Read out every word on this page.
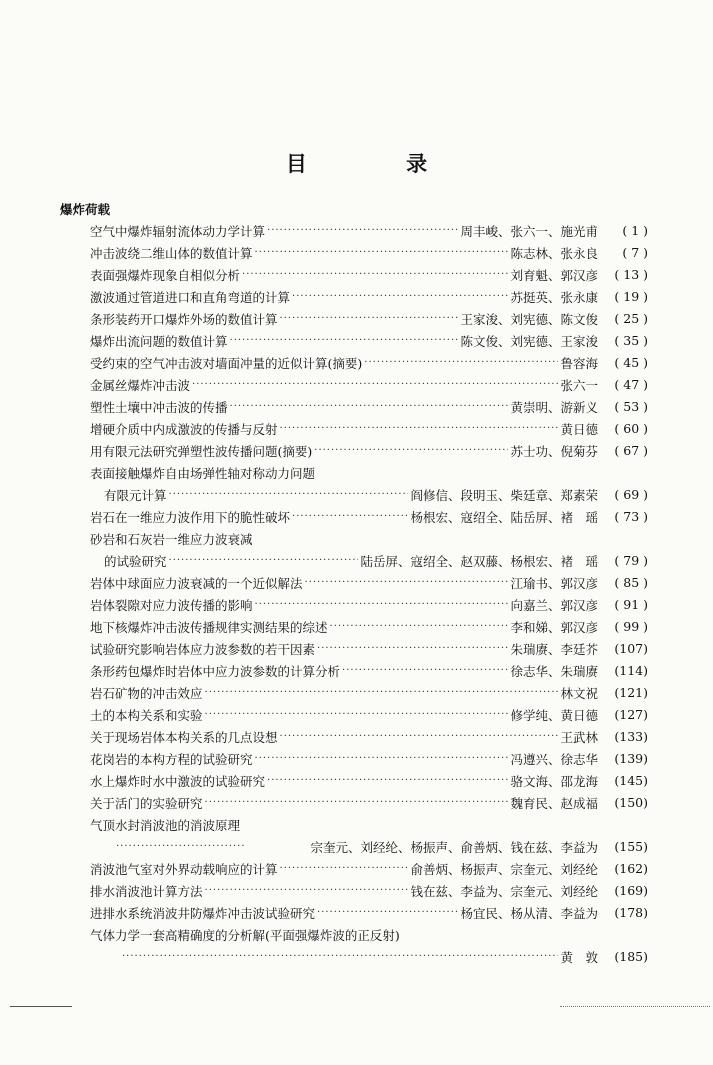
目 录
爆炸荷载
空气中爆炸辐射流体动力学计算 ·····	周丰峻、张六一、施光甫	( 1 )
冲击波绕二维山体的数值计算 ·····	陈志林、张永良	( 7 )
表面强爆炸现象自相似分析 ·····	刘育魁、郭汉彦	( 13 )
激波通过管道进口和直角弯道的计算 ·····	苏挺英、张永康	( 19 )
条形装药开口爆炸外场的数值计算 ·····	王家浚、刘宪德、陈文俊	( 25 )
爆炸出流问题的数值计算 ·····	陈文俊、刘宪德、王家浚	( 35 )
受约束的空气冲击波对墙面冲量的近似计算(摘要) ·····	鲁容海	( 45 )
金属丝爆炸冲击波 ·····	张六一	( 47 )
塑性土壤中冲击波的传播 ·····	黄崇明、游新义	( 53 )
增硬介质中内成激波的传播与反射 ·····	黄日德	( 60 )
用有限元法研究弹塑性波传播问题(摘要) ·····	苏士功、倪菊芬	( 67 )
表面接触爆炸自由场弹性轴对称动力问题
有限元计算 ·····	阎修信、段明玉、柴廷章、郑素荣	( 69 )
岩石在一维应力波作用下的脆性破坏 ·····	杨根宏、寇绍全、陆岳屏、褚　瑶	( 73 )
砂岩和石灰岩一维应力波衰减
的试验研究 ·····	陆岳屏、寇绍全、赵双藤、杨根宏、褚　瑶	( 79 )
岩体中球面应力波衰减的一个近似解法 ·····	江瑜书、郭汉彦	( 85 )
岩体裂隙对应力波传播的影响 ·····	向嘉兰、郭汉彦	( 91 )
地下核爆炸冲击波传播规律实测结果的综述 ·····	李和娣、郭汉彦	( 99 )
试验研究影响岩体应力波参数的若干因素 ·····	朱瑞赓、李廷芥	(107)
条形药包爆炸时岩体中应力波参数的计算分析 ·····	徐志华、朱瑞赓	(114)
岩石矿物的冲击效应 ·····	林文祝	(121)
土的本构关系和实验 ·····	修学纯、黄日德	(127)
关于现场岩体本构关系的几点设想 ·····	王武林	(133)
花岗岩的本构方程的试验研究 ·····	冯遵兴、徐志华	(139)
水上爆炸时水中激波的试验研究 ·····	骆文海、邵龙海	(145)
关于活门的实验研究 ·····	魏育民、赵成福	(150)
气顶水封消波池的消波原理
·····
宗奎元、刘经纶、杨振声、俞善炳、钱在兹、李益为	(155)
消波池气室对外界动载响应的计算 ·····	俞善炳、杨振声、宗奎元、刘经纶	(162)
排水消波池计算方法 ·····	钱在兹、李益为、宗奎元、刘经纶	(169)
进排水系统消波井防爆炸冲击波试验研究 ·····	杨宜民、杨从清、李益为	(178)
气体力学一套高精确度的分析解(平面强爆炸波的正反射)
·····
黄　敦	(185)
